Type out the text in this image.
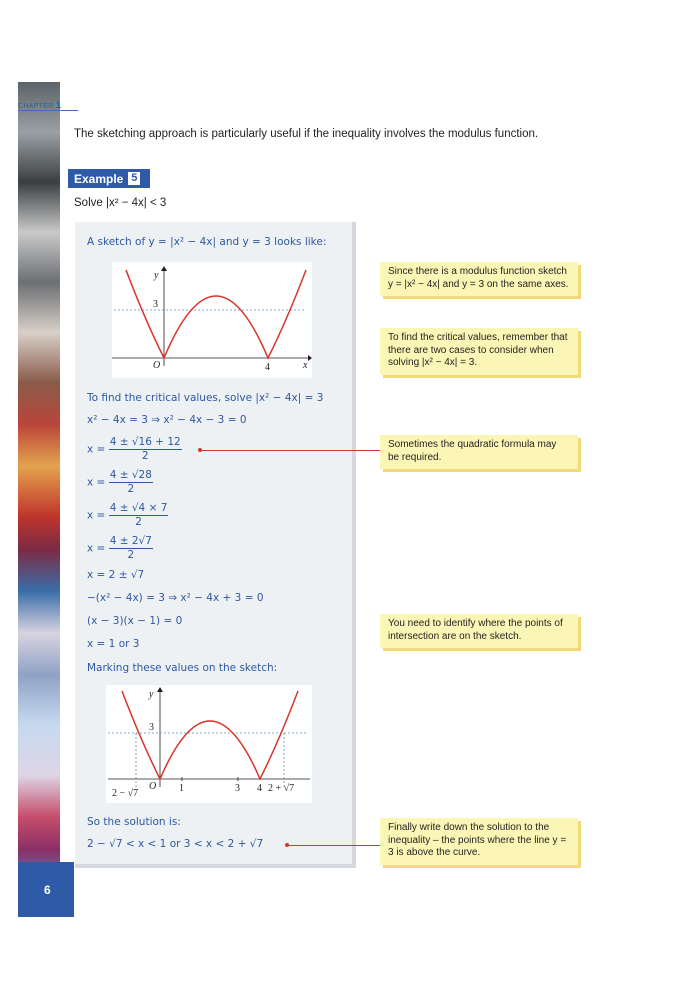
CHAPTER 1
The sketching approach is particularly useful if the inequality involves the modulus function.
Example 5
Solve |x² − 4x| < 3
A sketch of y = |x² − 4x| and y = 3 looks like:
y
x
O
3
4
To find the critical values, solve |x² − 4x| = 3
x² − 4x = 3 ⇒ x² − 4x − 3 = 0
$x = \frac{4 \pm √16 + 12}{2}$
$x = \frac{4 \pm √28}{2}$
$x = \frac{4 \pm √4 \times 7}{2}$
$x = \frac{4 \pm 2√7}{2}$
x = 2 ± √7
−(x² − 4x) = 3 ⇒ x² − 4x + 3 = 0
(x − 3)(x − 1) = 0
x = 1 or 3
Marking these values on the sketch:
y
3
O 1	3 4
2 − √7	2 + √7
So the solution is:
2 − √7 < x < 1 or 3 < x < 2 + √7
Since there is a modulus function sketch y = |x² − 4x| and y = 3 on the same axes.
To find the critical values, remember that there are two cases to consider when solving |x² − 4x| = 3.
Sometimes the quadratic formula may be required.
You need to identify where the points of intersection are on the sketch.
Finally write down the solution to the inequality – the points where the line y = 3 is above the curve.
6
